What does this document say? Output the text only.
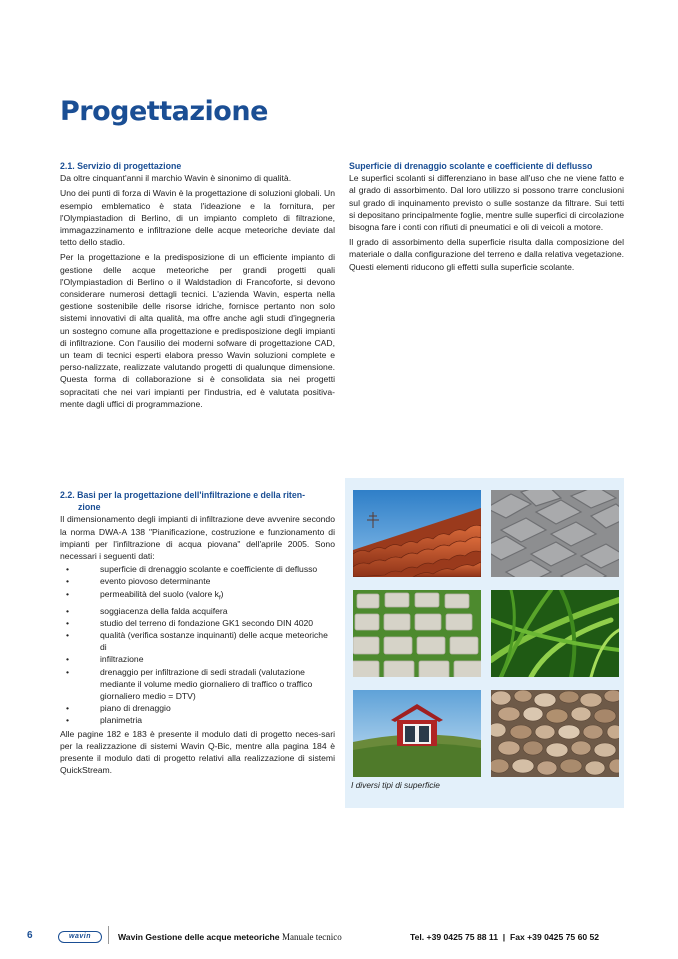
Progettazione
2.1. Servizio di progettazione

Da oltre cinquant'anni il marchio Wavin è sinonimo di qualità.

Uno dei punti di forza di Wavin è la progettazione di soluzioni globali. Un esempio emblematico è stata l'ideazione e la fornitura, per l'Olympiastadion di Berlino, di un impianto completo di filtrazione, immagazzinamento e infiltrazione delle acque meteoriche deviate dal tetto dello stadio.

Per la progettazione e la predisposizione di un efficiente impianto di gestione delle acque meteoriche per grandi progetti quali l'Olympiastadion di Berlino o il Waldstadion di Francoforte, si devono considerare numerosi dettagli tecnici. L'azienda Wavin, esperta nella gestione sostenibile delle risorse idriche, fornisce pertanto non solo sistemi innovativi di alta qualità, ma offre anche agli studi d'ingegneria un sostegno comune alla progettazione e predisposizione degli impianti di infiltrazione. Con l'ausilio dei moderni sofware di progettazione CAD, un team di tecnici esperti elabora presso Wavin soluzioni complete e perso-nalizzate, realizzate valutando progetti di qualunque dimensione. Questa forma di collaborazione si è consolidata sia nei progetti sopracitati che nei vari impianti per l'industria, ed è valutata positiva-mente dagli uffici di programmazione.

Superficie di drenaggio scolante e coefficiente di deflusso

Le superfici scolanti si differenziano in base all'uso che ne viene fatto e al grado di assorbimento. Dal loro utilizzo si possono trarre conclusioni sul grado di inquinamento previsto o sulle sostanze da filtrare. Sui tetti si depositano principalmente foglie, mentre sulle superfici di circolazione bisogna fare i conti con rifiuti di pneumatici e oli di veicoli a motore.

Il grado di assorbimento della superficie risulta dalla composizione del materiale o dalla configurazione del terreno e dalla relativa vegetazione. Questi elementi riducono gli effetti sulla superficie scolante.

2.2. Basi per la progettazione dell'infiltrazione e della riten-
zione

Il dimensionamento degli impianti di infiltrazione deve avvenire secondo la norma DWA-A 138 "Pianificazione, costruzione e funzionamento di impianti per l'infiltrazione di acqua piovana" dell'aprile 2005. Sono necessari i seguenti dati:

• superficie di drenaggio scolante e coefficiente di deflusso
• evento piovoso determinante
• permeabilità del suolo (valore $k_f$)
• soggiacenza della falda acquifera
• studio del terreno di fondazione GK1 secondo DIN 4020
• qualità (verifica sostanze inquinanti) delle acque meteoriche di
• infiltrazione
• drenaggio per infiltrazione di sedi stradali (valutazione mediante il volume medio giornaliero di traffico o traffico giornaliero medio = DTV)
• piano di drenaggio
• planimetria

Alle pagine 182 e 183 è presente il modulo dati di progetto neces-sari per la realizzazione di sistemi Wavin Q-Bic, mentre alla pagina 184 è presente il modulo dati di progetto relativi alla realizzazione di sistemi QuickStream.

I diversi tipi di superficie
6	wavin	Wavin Gestione delle acque meteoriche Manuale tecnico	Tel. +39 0425 75 88 11  |  Fax +39 0425 75 60 52
